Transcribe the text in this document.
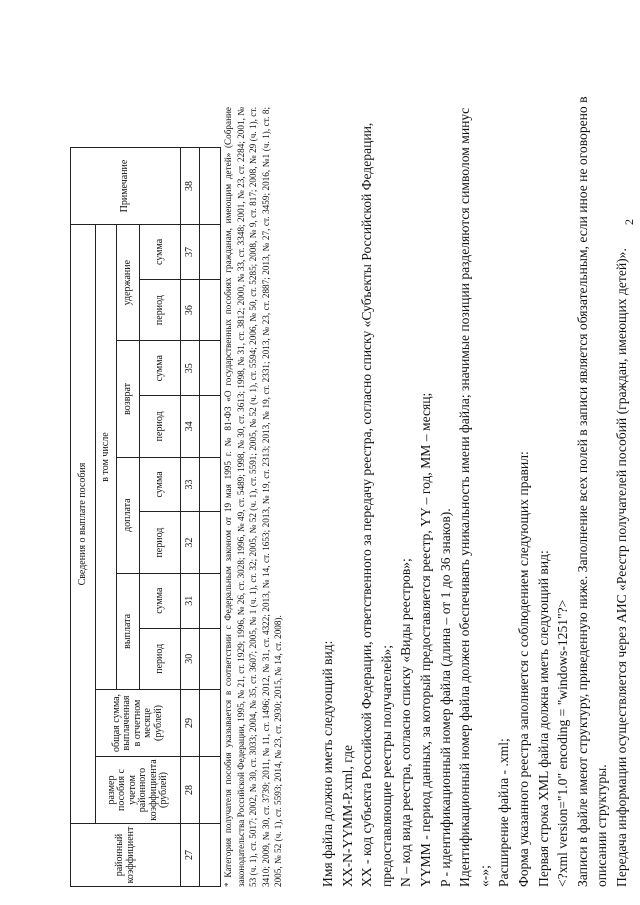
районный коэффициент	Сведения о выплате пособия										Примечание
	размер пособия с учетом районного коэффициента (рублей)	общая сумма, выплаченная в отчетном месяце (рублей)	в том числе								
			выплата		доплата		возврат		удержание		
			период	сумма	период	сумма	период	сумма	период	сумма	
27	28	29	30	31	32	33	34	35	36	37	38
												* Категория получателя пособия указывается в соответствии с Федеральным законом от 19 мая 1995 г. № 81-ФЗ «О государственных пособиях гражданам, имеющим детей» (Собрание законодательства Российской Федерации, 1995, № 21, ст. 1929; 1996, № 26, ст. 3028; 1996, № 49, ст. 5489; 1998, № 30, ст. 3613; 1998, № 31, ст. 3812; 2000, № 33, ст. 3348; 2001, № 23, ст. 2284; 2001, № 53 (ч. 1), ст. 5017; 2002, № 30, ст. 3033; 2004, № 35, ст. 3607; 2005, № 1 (ч. 1), ст. 32; 2005, № 52 (ч. 1), ст. 5591; 2005, № 52 (ч. 1), ст. 5594; 2006, № 50, ст. 5285; 2008, № 9, ст. 817; 2008, № 29 (ч. 1), ст. 3410; 2009, № 30, ст. 3739; 2011, № 11, ст. 1496; 2012, № 31, ст. 4322; 2013, № 14, ст. 1653; 2013, № 19, ст. 2313; 2013, № 19, ст. 2331; 2013, № 23, ст. 2887; 2013, № 27, ст. 3459; 2016, №1 (ч. 1), ст. 8; 2005, № 52 (ч. 1), ст. 5593; 2014, № 23, ст. 2930; 2015, № 14, ст. 2008).	Имя файла должно иметь следующий вид: XX-N-YYMM-P.xml, где XX - код субъекта Российской Федерации, ответственного за передачу реестра, согласно списку «Субъекты Российской Федерации, предоставляющие реестры получателей»; N – код вида реестра, согласно списку «Виды реестров»; YYMM - период данных, за который предоставляется реестр, YY – год, MM – месяц; P - идентификационный номер файла (длина – от 1 до 36 знаков). Идентификационный номер файла должен обеспечивать уникальность имени файла; значимые позиции разделяются символом минус «-»; Расширение файла - .xml; Форма указанного реестра заполняется с соблюдением следующих правил: Первая строка XML файла должна иметь следующий вид: <?xml version="1.0" encoding = "windows-1251"?> Записи в файле имеют структуру, приведенную ниже. Заполнение всех полей в записи является обязательным, если иное не оговорено в описании структуры. Передача информации осуществляется через АИС «Реестр получателей пособий (граждан, имеющих детей)».

2
